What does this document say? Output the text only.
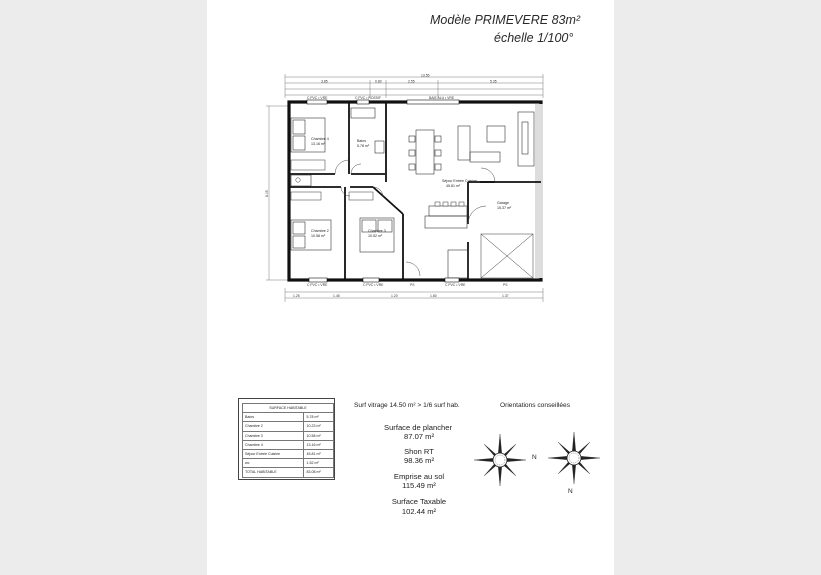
Modèle PRIMEVERE 83m²
échelle 1/100°
13.55
3.85	0.80	2.55	5.35
8.05
C PVC • VRE	C PVC • ROSSIF	BAIE ALU • VRE
C PVC • VRE	C PVC • VRE	PS	C PVC • VRE	PS
Chambre 4
13.16 m²
Bains
5.78 m²
Séjour Entrée Cuisine
45.81 m²
Garage
15.37 m²
Chambre 2
10.58 m²
Chambre 3
10.52 m²
1.25	1.45	1.20	1.80	1.37
SURFACE HABITABLE	
Bains	5.78 m²
Chambre 2	10.23 m²
Chambre 3	10.58 m²
Chambre 4	13.16 m²
Séjour Entrée Cuisine	45.81 m²
wc	1.52 m²
TOTAL HABITABLE	83.08 m²
Surf vitrage 14.50 m² > 1/6 surf hab.
Surface de plancher
87.07 m²
Shon RT
98.36 m²
Emprise au sol
115.49 m²
Surface Taxable
102.44 m²
Orientations conseillées
N
N
